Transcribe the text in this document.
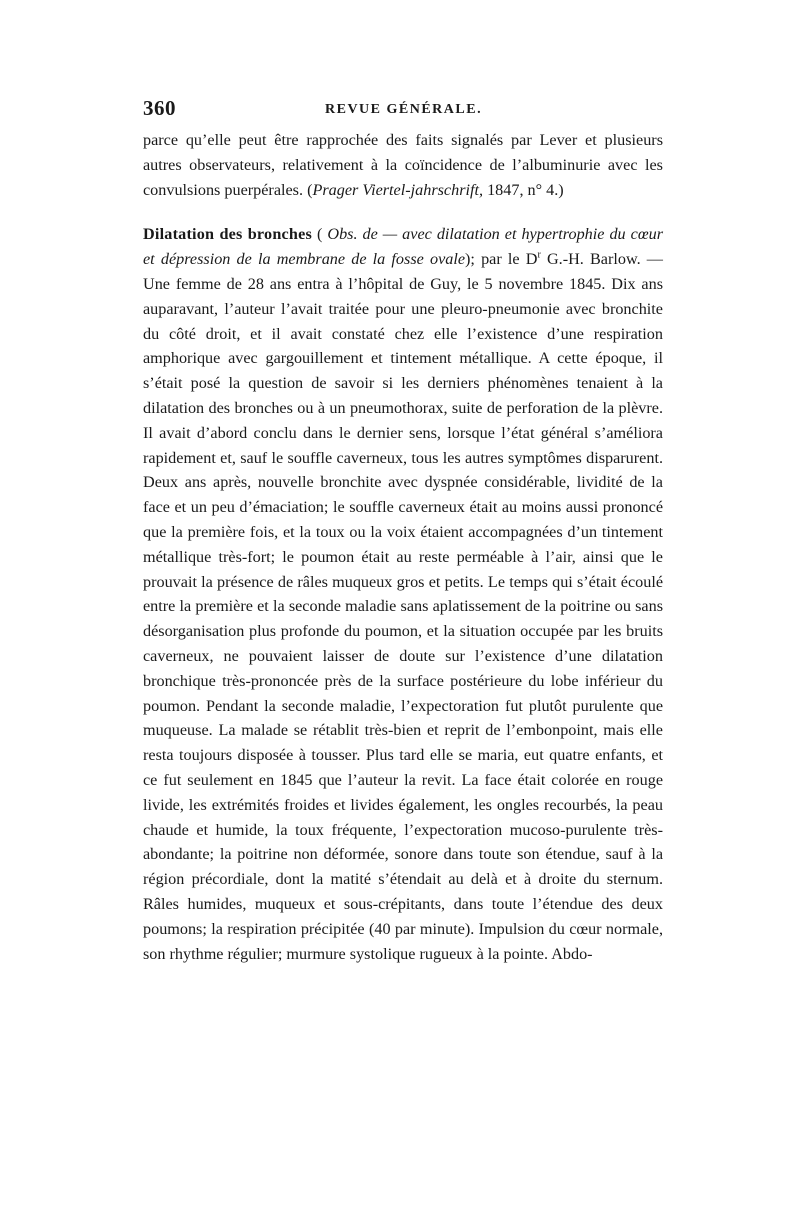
360	REVUE GÉNÉRALE.

parce qu’elle peut être rapprochée des faits signalés par Lever et plusieurs autres observateurs, relativement à la coïncidence de l’albuminurie avec les convulsions puerpérales. (Prager Viertel-jahrschrift, 1847, n° 4.)

Dilatation des bronches ( Obs. de — avec dilatation et hypertrophie du cœur et dépression de la membrane de la fosse ovale); par le $D^r$ G.-H. Barlow. — Une femme de 28 ans entra à l’hôpital de Guy, le 5 novembre 1845. Dix ans auparavant, l’auteur l’avait traitée pour une pleuro-pneumonie avec bronchite du côté droit, et il avait constaté chez elle l’existence d’une respiration amphorique avec gargouillement et tintement métallique. A cette époque, il s’était posé la question de savoir si les derniers phénomènes tenaient à la dilatation des bronches ou à un pneumothorax, suite de perforation de la plèvre. Il avait d’abord conclu dans le dernier sens, lorsque l’état général s’améliora rapidement et, sauf le souffle caverneux, tous les autres symptômes disparurent. Deux ans après, nouvelle bronchite avec dyspnée considérable, lividité de la face et un peu d’émaciation; le souffle caverneux était au moins aussi prononcé que la première fois, et la toux ou la voix étaient accompagnées d’un tintement métallique très-fort; le poumon était au reste perméable à l’air, ainsi que le prouvait la présence de râles muqueux gros et petits. Le temps qui s’était écoulé entre la première et la seconde maladie sans aplatissement de la poitrine ou sans désorganisation plus profonde du poumon, et la situation occupée par les bruits caverneux, ne pouvaient laisser de doute sur l’existence d’une dilatation bronchique très-prononcée près de la surface postérieure du lobe inférieur du poumon. Pendant la seconde maladie, l’expectoration fut plutôt purulente que muqueuse. La malade se rétablit très-bien et reprit de l’embonpoint, mais elle resta toujours disposée à tousser. Plus tard elle se maria, eut quatre enfants, et ce fut seulement en 1845 que l’auteur la revit. La face était colorée en rouge livide, les extrémités froides et livides également, les ongles recourbés, la peau chaude et humide, la toux fréquente, l’expectoration mucoso-purulente très-abondante; la poitrine non déformée, sonore dans toute son étendue, sauf à la région précordiale, dont la matité s’étendait au delà et à droite du sternum. Râles humides, muqueux et sous-crépitants, dans toute l’étendue des deux poumons; la respiration précipitée (40 par minute). Impulsion du cœur normale, son rhythme régulier; murmure systolique rugueux à la pointe. Abdo-
